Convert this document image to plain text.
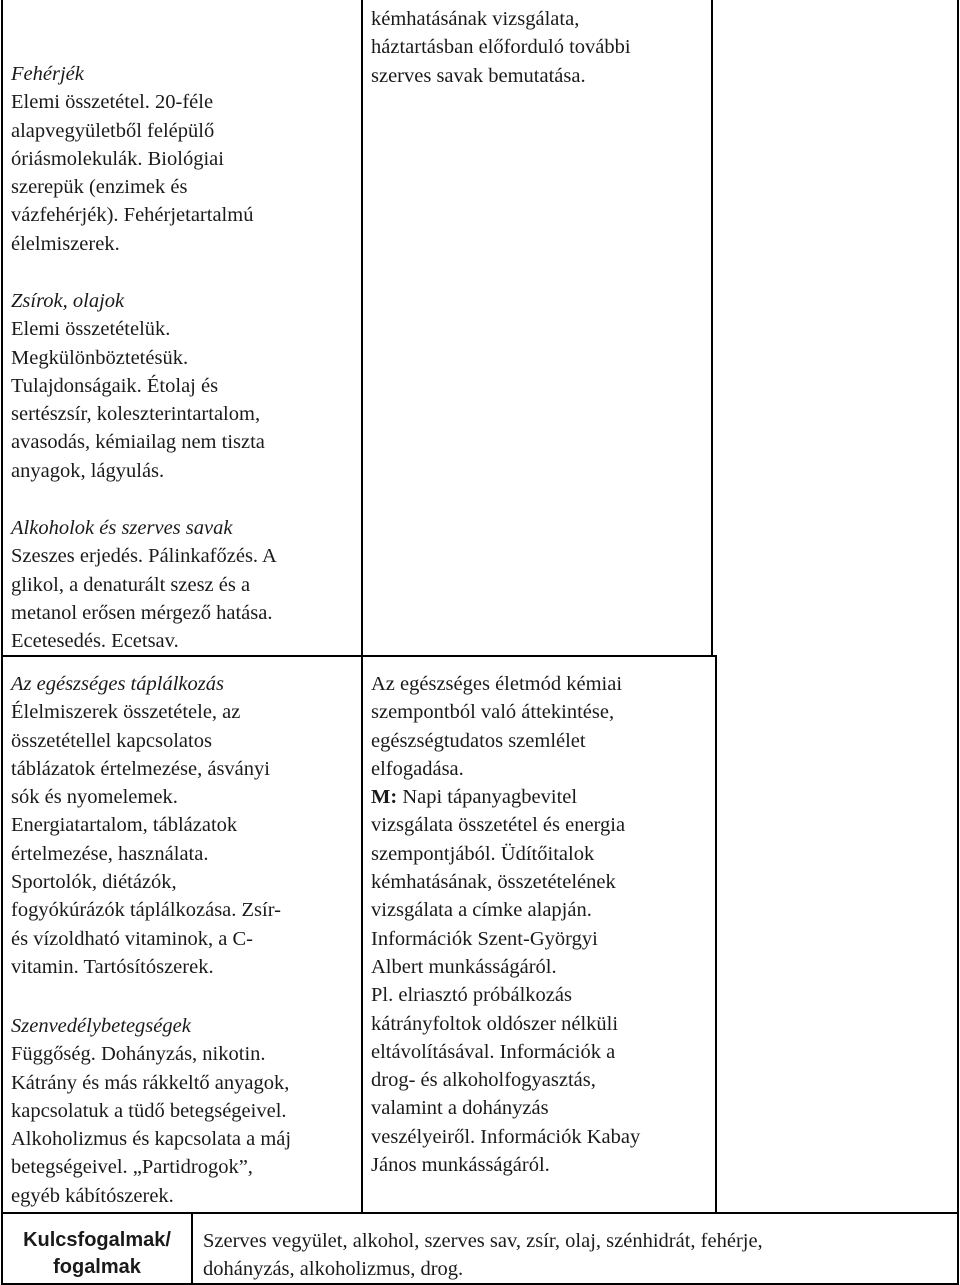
kémhatásának vizsgálata,

háztartásban előforduló további

szerves savak bemutatása.

Fehérjék

Elemi összetétel. 20-féle

alapvegyületből felépülő

óriásmolekulák. Biológiai

szerepük (enzimek és

vázfehérjék). Fehérjetartalmú

élelmiszerek.

Zsírok, olajok

Elemi összetételük.

Megkülönböztetésük.

Tulajdonságaik. Étolaj és

sertészsír, koleszterintartalom,

avasodás, kémiailag nem tiszta

anyagok, lágyulás.

Alkoholok és szerves savak

Szeszes erjedés. Pálinkafőzés. A

glikol, a denaturált szesz és a

metanol erősen mérgező hatása.

Ecetesedés. Ecetsav.

Az egészséges táplálkozás

Élelmiszerek összetétele, az

összetétellel kapcsolatos

táblázatok értelmezése, ásványi

sók és nyomelemek.

Energiatartalom, táblázatok

értelmezése, használata.

Sportolók, diétázók,

fogyókúrázók táplálkozása. Zsír-

és vízoldható vitaminok, a C-

vitamin. Tartósítószerek.

Szenvedélybetegségek

Függőség. Dohányzás, nikotin.

Kátrány és más rákkeltő anyagok,

kapcsolatuk a tüdő betegségeivel.

Alkoholizmus és kapcsolata a máj

betegségeivel. „Partidrogok”,

egyéb kábítószerek.

Az egészséges életmód kémiai

szempontból való áttekintése,

egészségtudatos szemlélet

elfogadása.

M: Napi tápanyagbevitel

vizsgálata összetétel és energia

szempontjából. Üdítőitalok

kémhatásának, összetételének

vizsgálata a címke alapján.

Információk Szent-Györgyi

Albert munkásságáról.

Pl. elriasztó próbálkozás

kátrányfoltok oldószer nélküli

eltávolításával. Információk a

drog- és alkoholfogyasztás,

valamint a dohányzás

veszélyeiről. Információk Kabay

János munkásságáról.

Kulcsfogalmak/

fogalmak

Szerves vegyület, alkohol, szerves sav, zsír, olaj, szénhidrát, fehérje,

dohányzás, alkoholizmus, drog.
